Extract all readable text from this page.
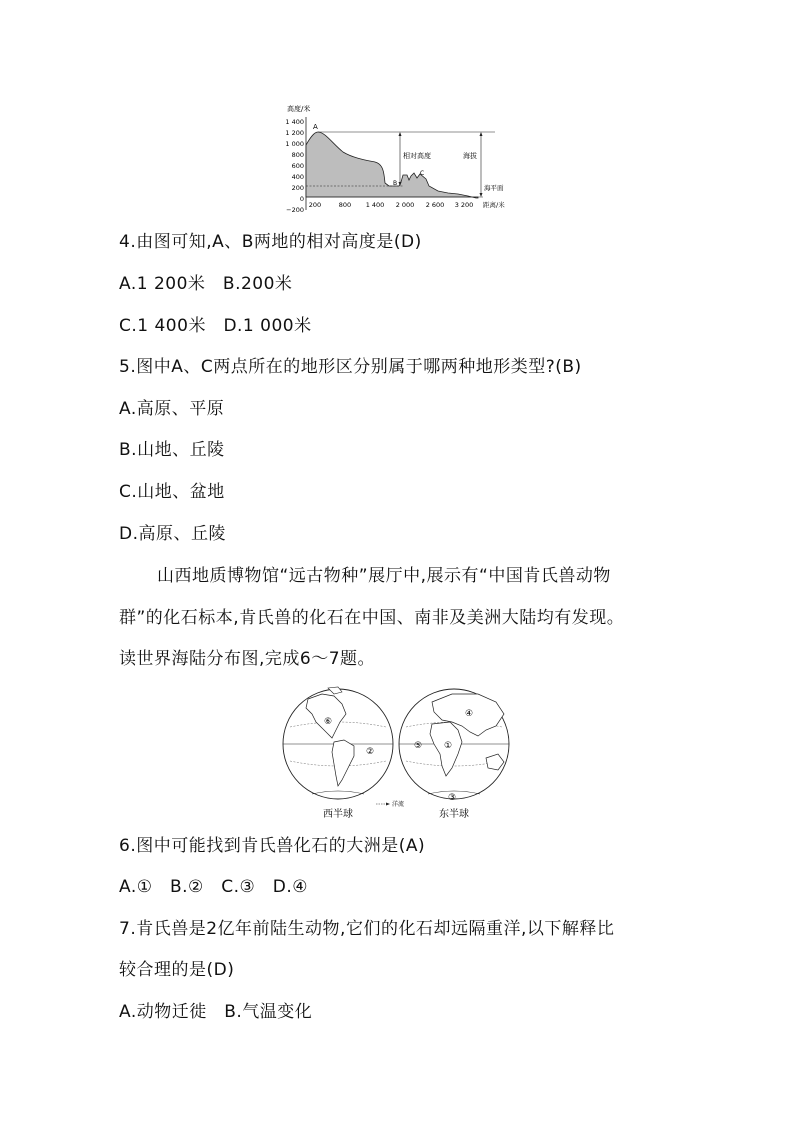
高度/米
1 400
1 200
1 000
800
600
400
200
0
−200
A
B
C
相对高度	海拔
海平面
200	800 1 400 2 000 2 600 3 200 距离/米
4.由图可知,A、B两地的相对高度是(D)
A.1 200米　B.200米
C.1 400米　D.1 000米
5.图中A、C两点所在的地形区分别属于哪两种地形类型?(B)
A.高原、平原
B.山地、丘陵
C.山地、盆地
D.高原、丘陵
山西地质博物馆“远古物种”展厅中,展示有“中国肯氏兽动物
群”的化石标本,肯氏兽的化石在中国、南非及美洲大陆均有发现。
读世界海陆分布图,完成6～7题。
⑥
②
④
①
⑤
③
洋流
西半球	东半球
6.图中可能找到肯氏兽化石的大洲是(A)
A.①　B.②　C.③　D.④
7.肯氏兽是2亿年前陆生动物,它们的化石却远隔重洋,以下解释比
较合理的是(D)
A.动物迁徙　B.气温变化
